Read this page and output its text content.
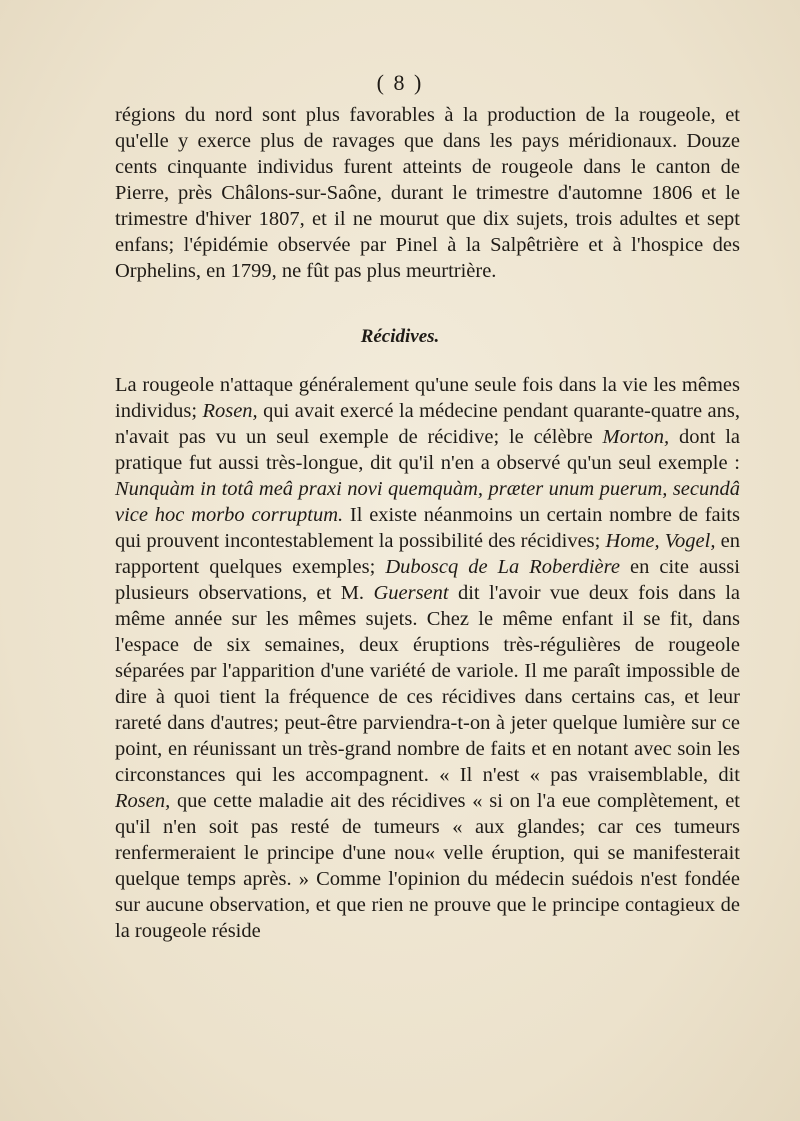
( 8 )

régions du nord sont plus favorables à la production de la rougeole, et qu'elle y exerce plus de ravages que dans les pays méridionaux. Douze cents cinquante individus furent atteints de rougeole dans le canton de Pierre, près Châlons-sur-Saône, durant le trimestre d'automne 1806 et le trimestre d'hiver 1807, et il ne mourut que dix sujets, trois adultes et sept enfans; l'épidémie observée par Pinel à la Salpêtrière et à l'hospice des Orphelins, en 1799, ne fût pas plus meurtrière.

Récidives.

La rougeole n'attaque généralement qu'une seule fois dans la vie les mêmes individus; Rosen, qui avait exercé la médecine pendant quarante-quatre ans, n'avait pas vu un seul exemple de récidive; le célèbre Morton, dont la pratique fut aussi très-longue, dit qu'il n'en a observé qu'un seul exemple : Nunquàm in totâ meâ praxi novi quemquàm, præter unum puerum, secundâ vice hoc morbo corruptum. Il existe néanmoins un certain nombre de faits qui prouvent incontestablement la possibilité des récidives; Home, Vogel, en rapportent quelques exemples; Duboscq de La Roberdière en cite aussi plusieurs observations, et M. Guersent dit l'avoir vue deux fois dans la même année sur les mêmes sujets. Chez le même enfant il se fit, dans l'espace de six semaines, deux éruptions très-régulières de rougeole séparées par l'apparition d'une variété de variole. Il me paraît impossible de dire à quoi tient la fréquence de ces récidives dans certains cas, et leur rareté dans d'autres; peut-être parviendra-t-on à jeter quelque lumière sur ce point, en réunissant un très-grand nombre de faits et en notant avec soin les circonstances qui les accompagnent. « Il n'est « pas vraisemblable, dit Rosen, que cette maladie ait des récidives « si on l'a eue complètement, et qu'il n'en soit pas resté de tumeurs « aux glandes; car ces tumeurs renfermeraient le principe d'une nou« velle éruption, qui se manifesterait quelque temps après. » Comme l'opinion du médecin suédois n'est fondée sur aucune observation, et que rien ne prouve que le principe contagieux de la rougeole réside
